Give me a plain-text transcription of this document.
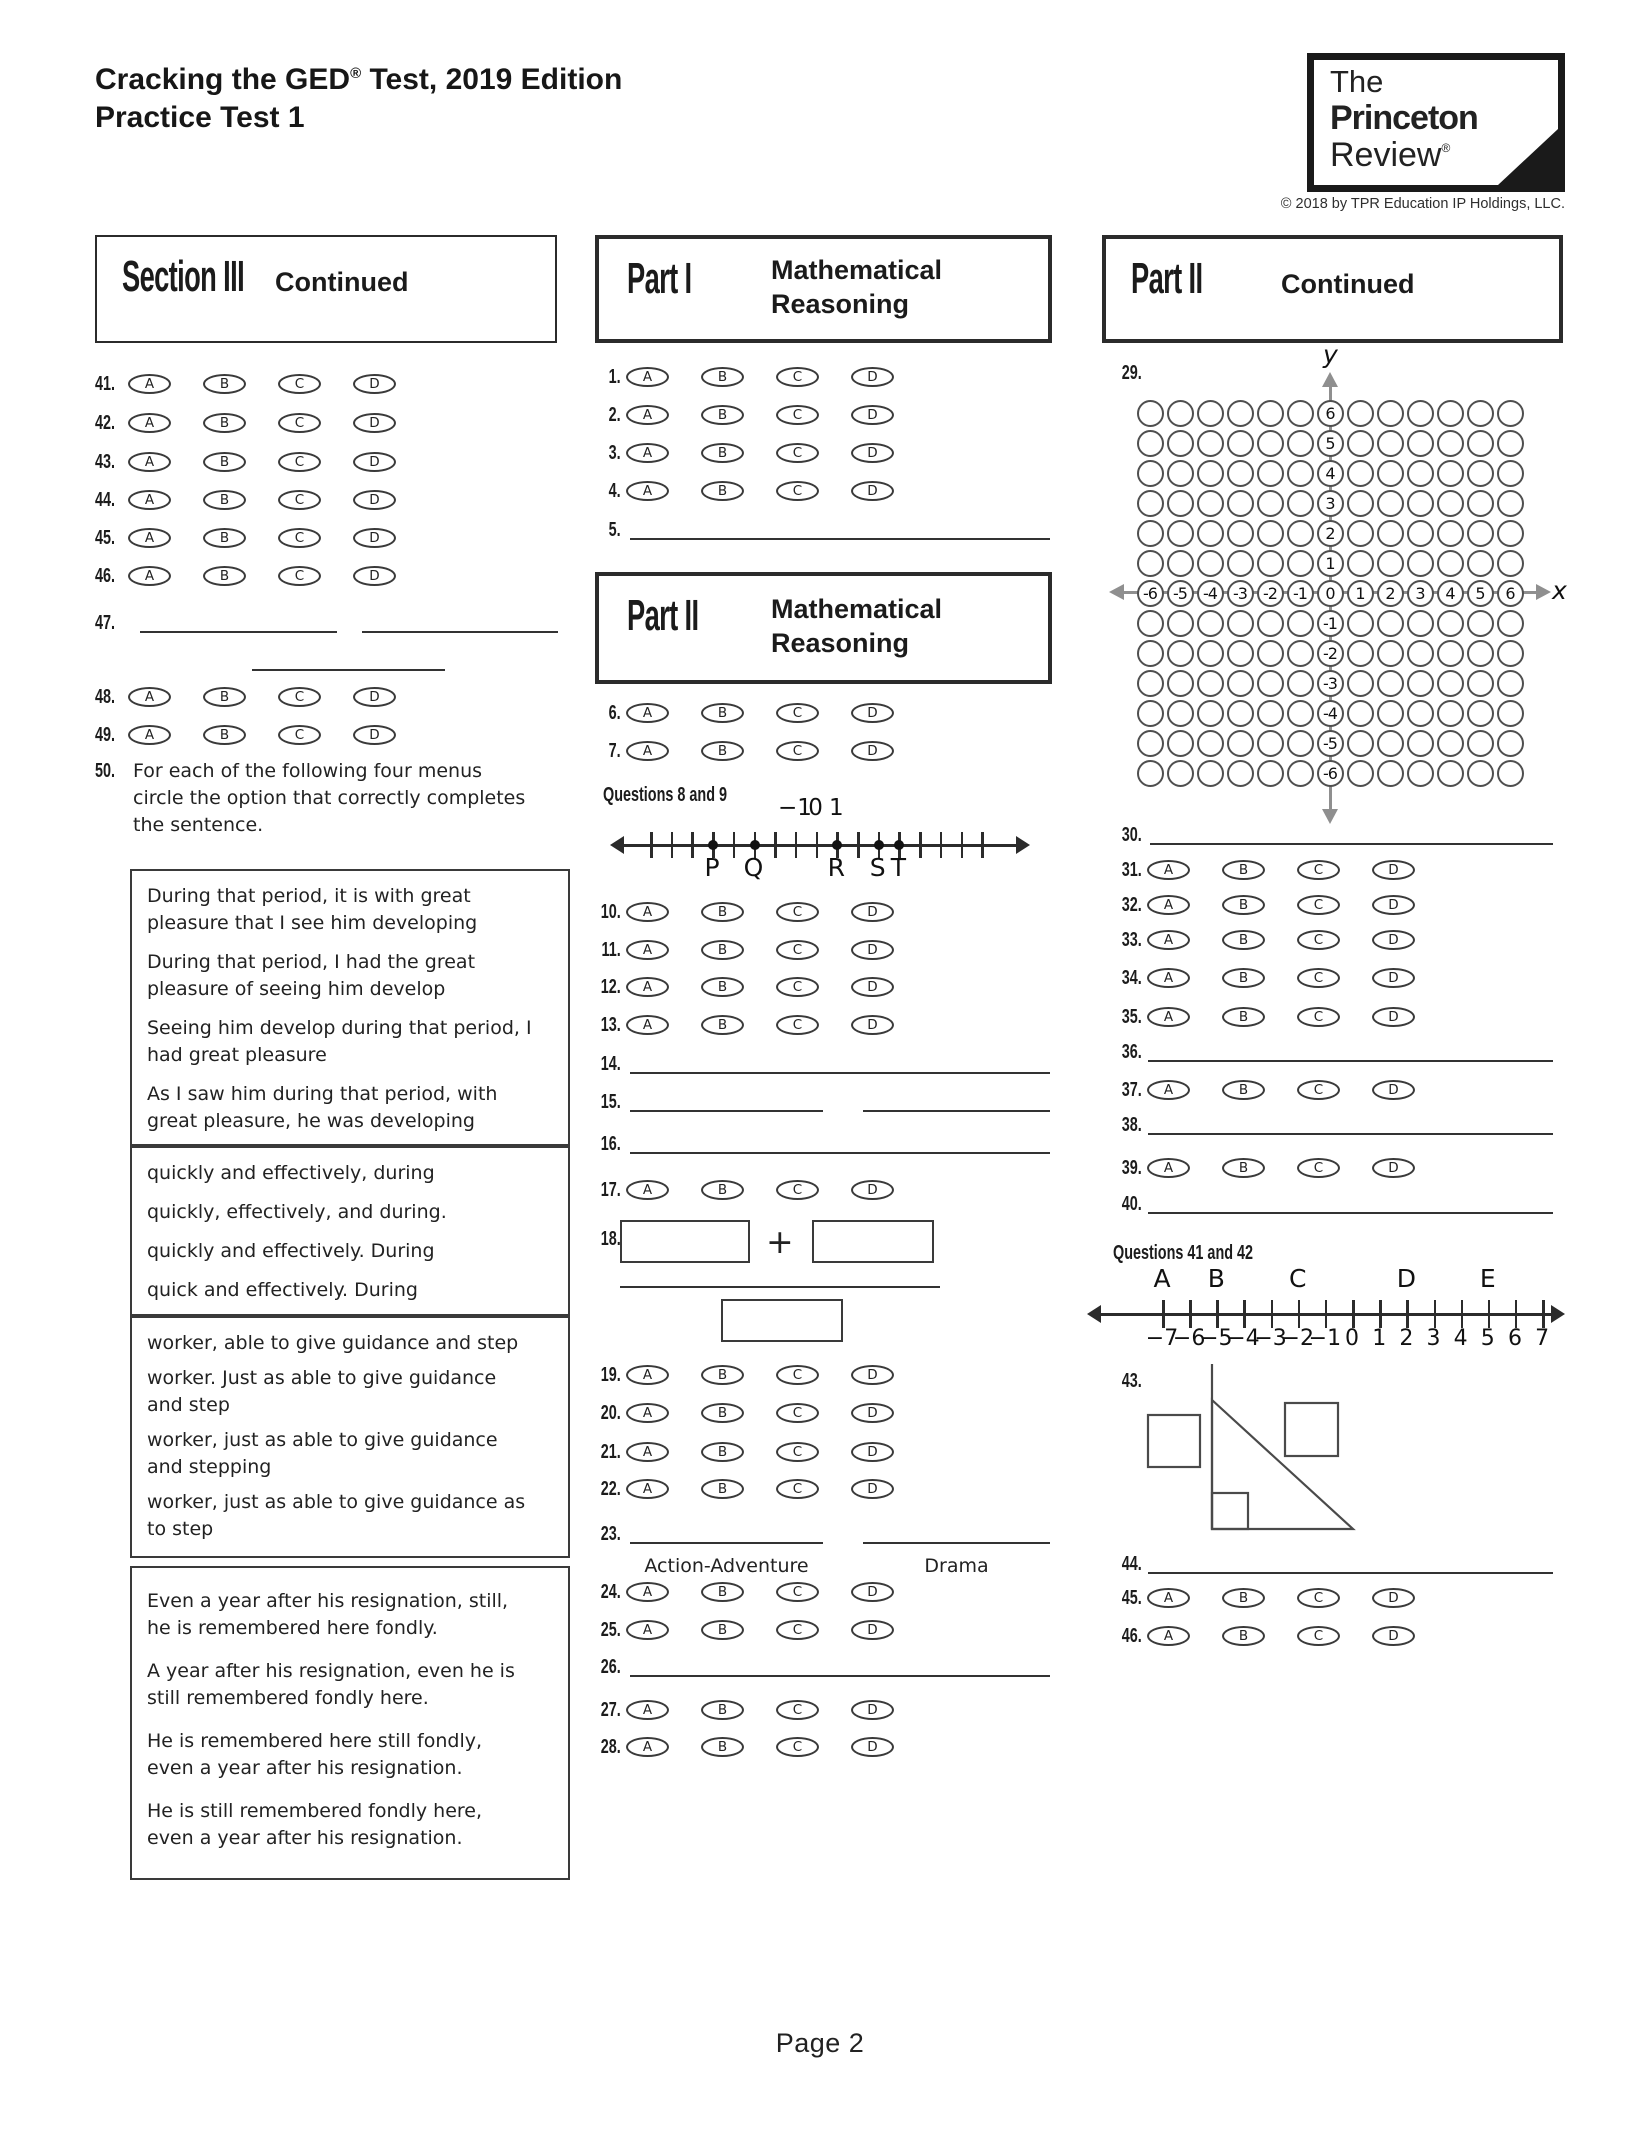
Cracking the GED® Test, 2019 Edition
Practice Test 1
The
Princeton
Review®
© 2018 by TPR Education IP Holdings, LLC.
Section III Continued	Part I	Mathematical
Reasoning
Part II	Mathematical
Reasoning
Part II	Continued
For each of the following four menus circle the option that correctly completes the sentence.
During that period, it is with great
pleasure that I see him developing
During that period, I had the great
pleasure of seeing him develop
Seeing him develop during that period, I
had great pleasure
As I saw him during that period, with
great pleasure, he was developing
quickly and effectively, during
quickly, effectively, and during.
quickly and effectively. During
quick and effectively. During
worker, able to give guidance and step
worker. Just as able to give guidance
and step
worker, just as able to give guidance
and stepping
worker, just as able to give guidance as
to step
Even a year after his resignation, still,
he is remembered here fondly.
A year after his resignation, even he is
still remembered fondly here.
He is remembered here still fondly,
even a year after his resignation.
He is still remembered fondly here,
even a year after his resignation.
Questions 8 and 9
Questions 41 and 42
−1
0 1
P Q	R S T
+
Action-Adventure	Drama
y
x
6
5
4
3
2
1
-6	-5	-4	-3	-2	-1	0	1	2	3	4	5	6
-1
-2
-3
-4
-5
-6
A B	C	D	E
−7
−6
−5
−4
−3
−2
−1 0 1 2 3 4 5 6 7
Page 2
41.	A	B	C	D
42.	A	B	C	D
43.	A	B	C	D
44.	A	B	C	D
45.	A	B	C	D
46.	A	B	C	D
48.	A	B	C	D
49.	A	B	C	D
1. A	B	C	D
2. A	B	C	D
3. A	B	C	D
4. A	B	C	D
6. A	B	C	D
7. A	B	C	D
10. A	B	C	D
11. A	B	C	D
12. A	B	C	D
13. A	B	C	D
17. A	B	C	D
19. A	B	C	D
20. A	B	C	D
21. A	B	C	D
22. A	B	C	D
24. A	B	C	D
25. A	B	C	D
27. A	B	C	D
28. A	B	C	D
31. A	B	C	D
32. A	B	C	D
33. A	B	C	D
34. A	B	C	D
35. A	B	C	D
37. A	B	C	D
39. A	B	C	D
45. A	B	C	D
46. A	B	C	D
47.
5.
14.
15.
16.
23.
26.
30.
36.
38.
40.
44.
29.
43.
18.
50.
